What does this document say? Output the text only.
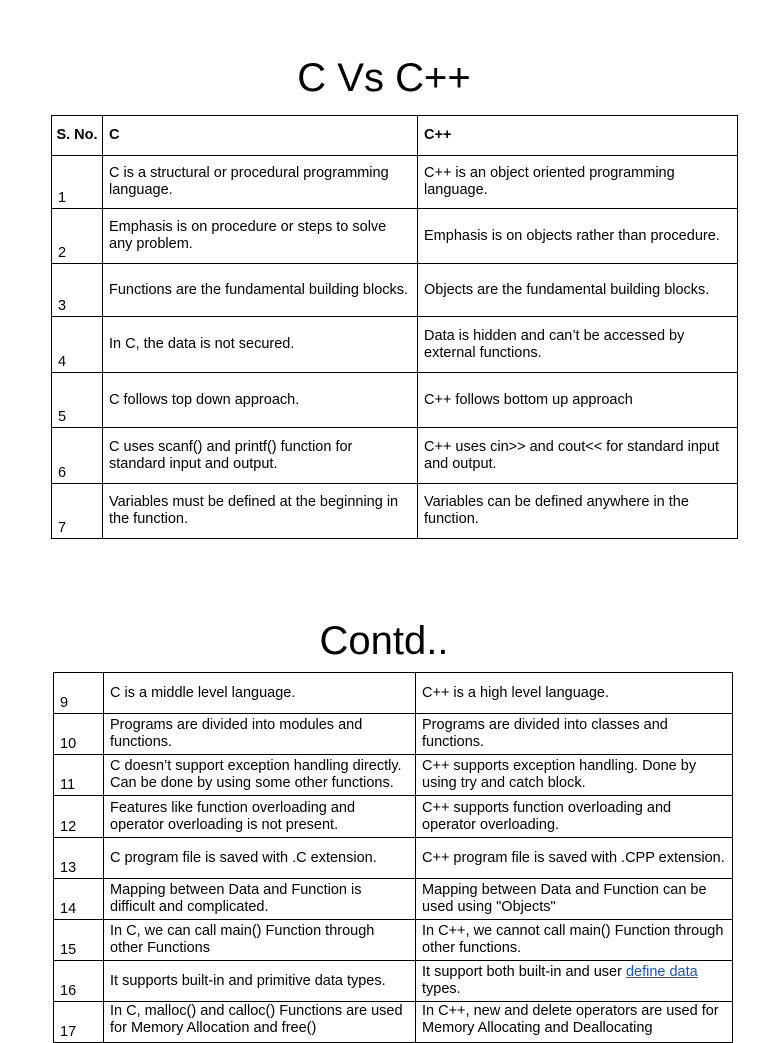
C Vs C++
S. No.	C	C++
1	C is a structural or procedural programming language.	C++ is an object oriented programming language.
2	Emphasis is on procedure or steps to solve any problem.	Emphasis is on objects rather than procedure.
3	Functions are the fundamental building blocks.	Objects are the fundamental building blocks.
4	In C, the data is not secured.	Data is hidden and can’t be accessed by external functions.
5	C follows top down approach.	C++ follows bottom up approach
6	C uses scanf() and printf() function for standard input and output.	C++ uses cin>> and cout<< for standard input and output.
7	Variables must be defined at the beginning in the function.	Variables can be defined anywhere in the function.
Contd..
9	C is a middle level language.	C++ is a high level language.
10	Programs are divided into modules and functions.	Programs are divided into classes and functions.
11	C doesn’t support exception handling directly. Can be done by using some other functions.	C++ supports exception handling. Done by using try and catch block.
12	Features like function overloading and operator overloading is not present.	C++ supports function overloading and operator overloading.
13	C program file is saved with .C extension.	C++ program file is saved with .CPP extension.
14	Mapping between Data and Function is difficult and complicated.	Mapping between Data and Function can be used using "Objects"
15	In C, we can call main() Function through other Functions	In C++, we cannot call main() Function through other functions.
16	It supports built-in and primitive data types.	It support both built-in and user define data types.
17	In C, malloc() and calloc() Functions are used for Memory Allocation and free()	In C++, new and delete operators are used for Memory Allocating and Deallocating
